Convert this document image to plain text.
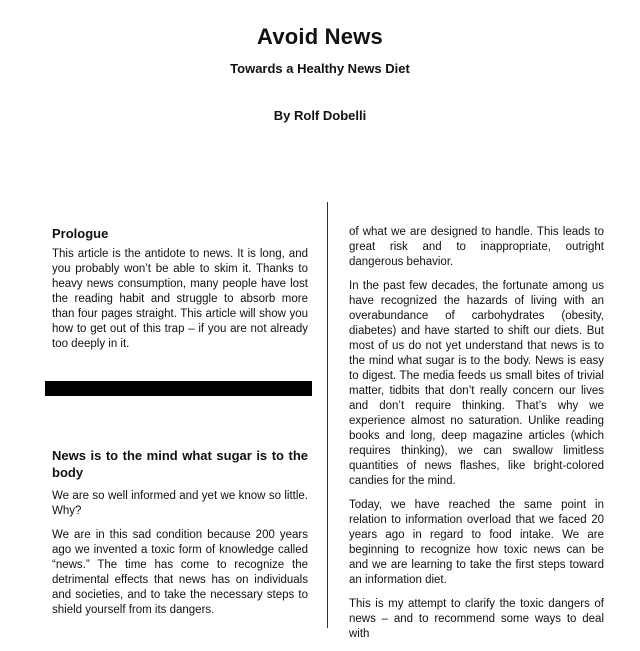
Avoid News
Towards a Healthy News Diet
By Rolf Dobelli

Prologue

This article is the antidote to news. It is long, and you probably won’t be able to skim it. Thanks to heavy news consumption, many people have lost the reading habit and struggle to absorb more than four pages straight. This article will show you how to get out of this trap – if you are not already too deeply in it.

News is to the mind what sugar is to the body

We are so well informed and yet we know so little. Why?

We are in this sad condition because 200 years ago we invented a toxic form of knowledge called “news.” The time has come to recognize the detrimental effects that news has on individuals and societies, and to take the necessary steps to shield yourself from its dangers.

of what we are designed to handle. This leads to great risk and to inappropriate, outright dangerous behavior.

In the past few decades, the fortunate among us have recognized the hazards of living with an overabundance of carbohydrates (obesity, diabetes) and have started to shift our diets. But most of us do not yet understand that news is to the mind what sugar is to the body. News is easy to digest. The media feeds us small bites of trivial matter, tidbits that don’t really concern our lives and don’t require thinking. That’s why we experience almost no saturation. Unlike reading books and long, deep magazine articles (which requires thinking), we can swallow limitless quantities of news flashes, like bright-colored candies for the mind.

Today, we have reached the same point in relation to information overload that we faced 20 years ago in regard to food intake. We are beginning to recognize how toxic news can be and we are learning to take the first steps toward an information diet.

This is my attempt to clarify the toxic dangers of news – and to recommend some ways to deal with
